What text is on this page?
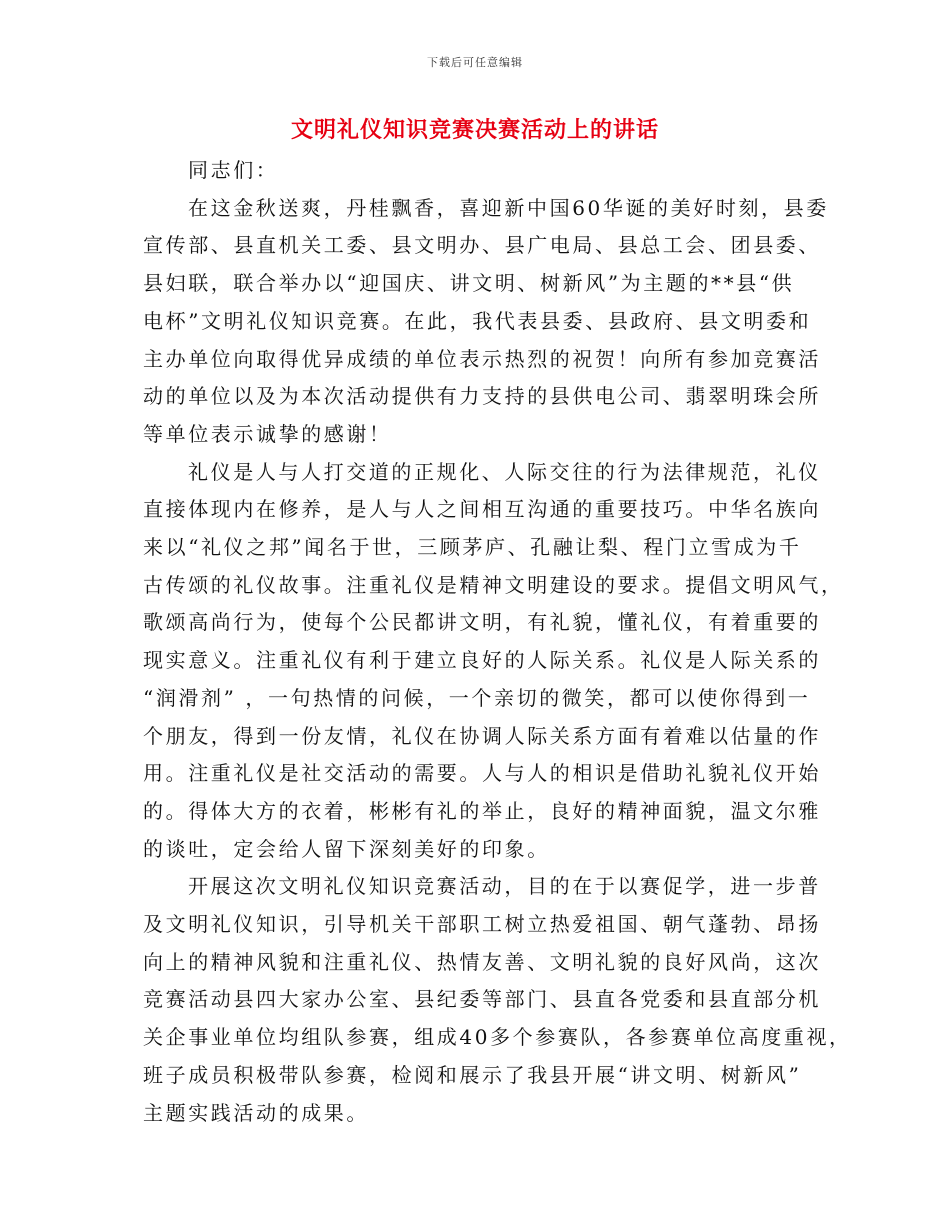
下载后可任意编辑
文明礼仪知识竞赛决赛活动上的讲话
同志们：
在这金秋送爽，丹桂飘香，喜迎新中国60华诞的美好时刻，县委
宣传部、县直机关工委、县文明办、县广电局、县总工会、团县委、
县妇联，联合举办以“迎国庆、讲文明、树新风”为主题的**县“供
电杯”文明礼仪知识竞赛。在此，我代表县委、县政府、县文明委和
主办单位向取得优异成绩的单位表示热烈的祝贺！向所有参加竞赛活
动的单位以及为本次活动提供有力支持的县供电公司、翡翠明珠会所
等单位表示诚挚的感谢！
礼仪是人与人打交道的正规化、人际交往的行为法律规范，礼仪
直接体现内在修养，是人与人之间相互沟通的重要技巧。中华名族向
来以“礼仪之邦”闻名于世，三顾茅庐、孔融让梨、程门立雪成为千
古传颂的礼仪故事。注重礼仪是精神文明建设的要求。提倡文明风气，
歌颂高尚行为，使每个公民都讲文明，有礼貌，懂礼仪，有着重要的
现实意义。注重礼仪有利于建立良好的人际关系。礼仪是人际关系的
“润滑剂” ，一句热情的问候，一个亲切的微笑，都可以使你得到一
个朋友，得到一份友情，礼仪在协调人际关系方面有着难以估量的作
用。注重礼仪是社交活动的需要。人与人的相识是借助礼貌礼仪开始
的。得体大方的衣着，彬彬有礼的举止，良好的精神面貌，温文尔雅
的谈吐，定会给人留下深刻美好的印象。
开展这次文明礼仪知识竞赛活动，目的在于以赛促学，进一步普
及文明礼仪知识，引导机关干部职工树立热爱祖国、朝气蓬勃、昂扬
向上的精神风貌和注重礼仪、热情友善、文明礼貌的良好风尚，这次
竞赛活动县四大家办公室、县纪委等部门、县直各党委和县直部分机
关企事业单位均组队参赛，组成40多个参赛队，各参赛单位高度重视，
班子成员积极带队参赛，检阅和展示了我县开展“讲文明、树新风”
主题实践活动的成果。
